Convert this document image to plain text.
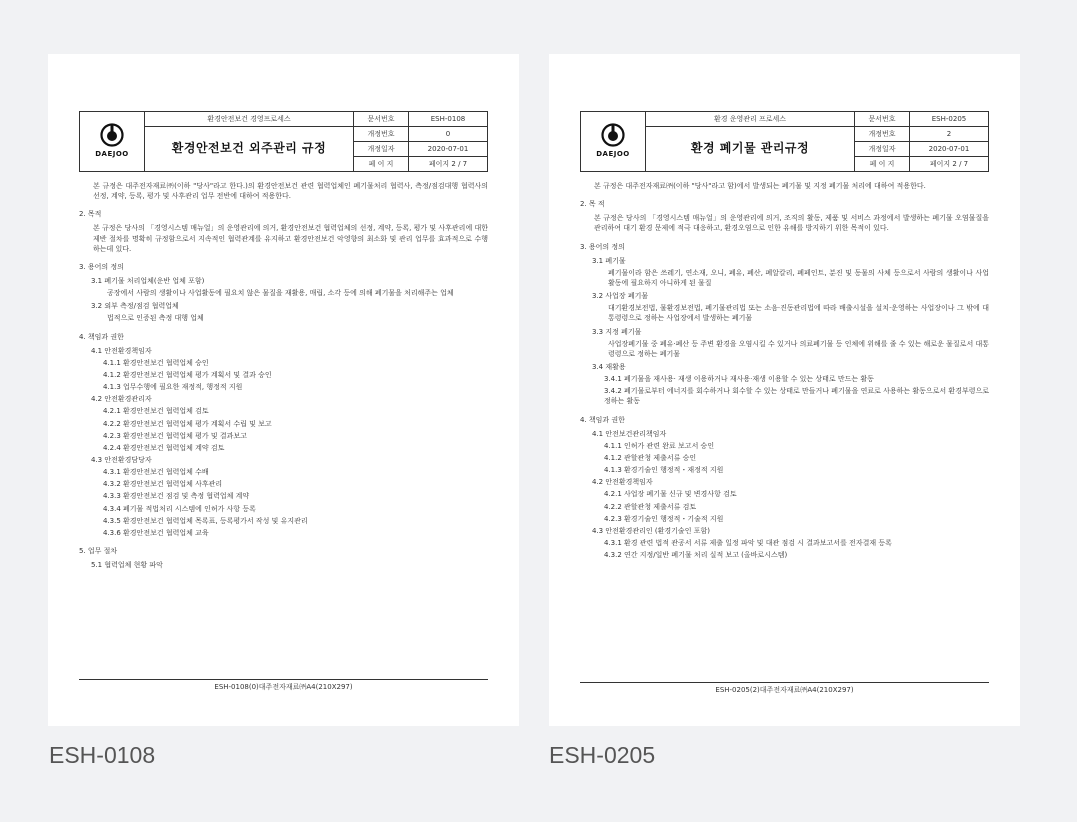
DAEJOO	환경안전보건 경영프로세스	문서번호	ESH-0108
	환경안전보건 외주관리 규정	개정번호	0
		개정일자	2020-07-01
		페 이 지	페이지 2 / 7

본 규정은 대주전자재료㈜(이하 "당사"라고 한다.)의 환경안전보건 관련 협력업체인 폐기물처리 협력사, 측정/점검대행 협력사의 선정, 계약, 등록, 평가 및 사후관리 업무 전반에 대하여 적용한다.

2. 목적

본 규정은 당사의 「경영시스템 매뉴얼」의 운영관리에 의거, 환경안전보건 협력업체의 선정, 계약, 등록, 평가 및 사후관리에 대한 제반 절차를 명확히 규정함으로서 지속적인 협력관계를 유지하고 환경안전보건 악영향의 최소화 및 관리 업무를 효과적으로 수행하는데 있다.

3. 용어의 정의

3.1 폐기물 처리업체(운반 업체 포함)

공장에서 사람의 생활이나 사업활동에 필요치 않은 물질을 재활용, 매립, 소각 등에 의해 폐기물을 처리해주는 업체

3.2 외부 측정/점검 협력업체

법적으로 인증된 측정 대행 업체

4. 책임과 권한

4.1 안전환경책임자

4.1.1 환경안전보건 협력업체 승인

4.1.2 환경안전보건 협력업체 평가 계획서 및 결과 승인

4.1.3 업무수행에 필요한 재정적, 행정적 지원

4.2 안전환경관리자

4.2.1 환경안전보건 협력업체 검토

4.2.2 환경안전보건 협력업체 평가 계획서 수립 및 보고

4.2.3 환경안전보건 협력업체 평가 및 결과보고

4.2.4 환경안전보건 협력업체 계약 검토

4.3 안전환경담당자

4.3.1 환경안전보건 협력업체 수배

4.3.2 환경안전보건 협력업체 사후관리

4.3.3 환경안전보건 점검 및 측정 협력업체 계약

4.3.4 폐기물 적법처리 시스템에 인허가 사항 등록

4.3.5 환경안전보건 협력업체 목록표, 등록평가서 작성 및 유지관리

4.3.6 환경안전보건 협력업체 교육

5. 업무 절차

5.1 협력업체 현황 파악

ESH-0108(0)대주전자재료㈜A4(210X297)
ESH-0108
DAEJOO	환경 운영관리 프로세스	문서번호	ESH-0205
	환경 폐기물 관리규정	개정번호	2
		개정일자	2020-07-01
		페 이 지	페이지 2 / 7

본 규정은 대주전자재료㈜(이하 "당사"라고 함)에서 발생되는 폐기물 및 지정 폐기물 처리에 대하여 적용한다.

2. 목 적

본 규정은 당사의 「경영시스템 매뉴얼」의 운영관리에 의거, 조직의 활동, 제품 및 서비스 과정에서 발생하는 폐기물 오염물질을 관리하여 대기 환경 문제에 적극 대응하고, 환경오염으로 인한 유해를 방지하기 위한 목적이 있다.

3. 용어의 정의

3.1 폐기물

폐기물이라 함은 쓰레기, 연소재, 오니, 폐유, 폐산, 폐알칼리, 폐페인트, 분진 및 동물의 사체 등으로서 사람의 생활이나 사업활동에 필요하지 아니하게 된 물질

3.2 사업장 폐기물

대기환경보전법, 물환경보전법, 폐기물관리법 또는 소음·진동관리법에 따라 배출시설을 설치·운영하는 사업장이나 그 밖에 대통령령으로 정하는 사업장에서 발생하는 폐기물

3.3 지정 폐기물

사업장폐기물 중 폐유·폐산 등 주변 환경을 오염시킬 수 있거나 의료폐기물 등 인체에 위해를 줄 수 있는 해로운 물질로서 대통령령으로 정하는 폐기물

3.4 재활용

3.4.1 폐기물을 재사용· 재생 이용하거나 재사용·재생 이용할 수 있는 상태로 만드는 활동

3.4.2 폐기물로부터 에너지를 회수하거나 회수할 수 있는 상태로 만들거나 폐기물을 연료로 사용하는 활동으로서 환경부령으로 정하는 활동

4. 책임과 권한

4.1 안전보건관리책임자

4.1.1 인허가 관련 완료 보고서 승인

4.1.2 관할관청 제출서류 승인

4.1.3 환경기술인 행정적・재정적 지원

4.2 안전환경책임자

4.2.1 사업장 폐기물 신규 및 변경사항 검토

4.2.2 관할관청 제출서류 검토

4.2.3 환경기술인 행정적・기술적 지원

4.3 안전환경관리인 (환경기술인 포함)

4.3.1 환경 관련 법적 관공서 서류 제출 일정 파악 및 대관 점검 시 결과보고서를 전자결재 등록

4.3.2 연간 지정/일반 폐기물 처리 실적 보고 (올바로시스템)

ESH-0205(2)대주전자재료㈜A4(210X297)
ESH-0205
